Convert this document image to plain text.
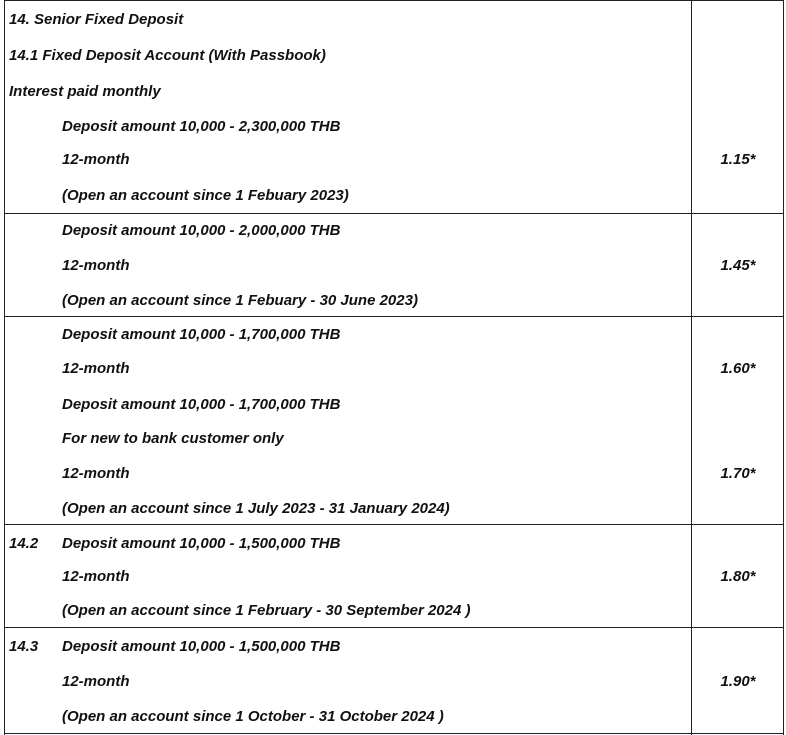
14. Senior Fixed Deposit
14.1 Fixed Deposit Account (With Passbook)
Interest paid monthly
Deposit amount 10,000 - 2,300,000 THB
12-month	1.15*
(Open an account since 1 Febuary 2023)
Deposit amount 10,000 - 2,000,000 THB
12-month	1.45*
(Open an account since 1 Febuary - 30 June 2023)
Deposit amount 10,000 - 1,700,000 THB
12-month	1.60*
Deposit amount 10,000 - 1,700,000 THB
For new to bank customer only
12-month	1.70*
(Open an account since 1 July 2023 - 31 January 2024)
14.2 Deposit amount 10,000 - 1,500,000 THB
12-month	1.80*
(Open an account since 1 February - 30 September 2024 )
14.3 Deposit amount 10,000 - 1,500,000 THB
12-month	1.90*
(Open an account since 1 October - 31 October 2024 )
